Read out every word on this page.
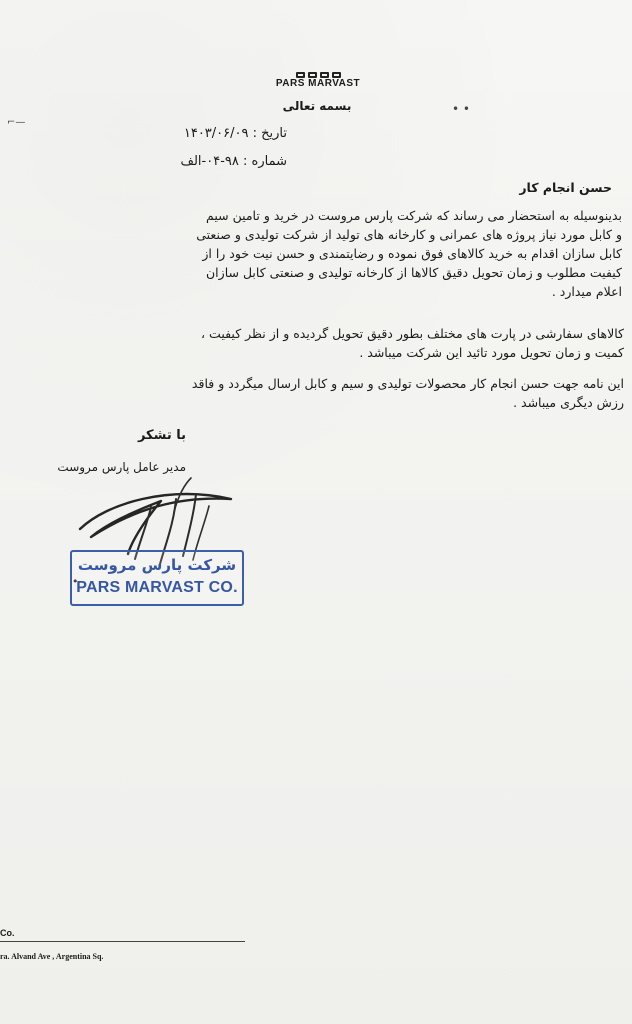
⌐—
• •
PARS MARVAST
بسمه تعالی
تاریخ : ۱۴۰۳/۰۶/۰۹
شماره : ۹۸-۰۴-الف
حسن انجام کار
بدینوسیله به استحضار می رساند که شرکت پارس مروست در خرید و تامین سیم
و کابل مورد نیاز پروژه های عمرانی و کارخانه های تولید از شرکت تولیدی و صنعتی
کابل سازان اقدام به خرید کالاهای فوق نموده و رضایتمندی و حسن نیت خود را از
کیفیت مطلوب و زمان تحویل دقیق کالاها از کارخانه تولیدی و صنعتی کابل سازان
اعلام میدارد .
کالاهای سفارشی در پارت های مختلف بطور دقیق تحویل گردیده و از نظر کیفیت ،
کمیت و زمان تحویل مورد تائید این شرکت میباشد .
این نامه جهت حسن انجام کار محصولات تولیدی و سیم و کابل ارسال میگردد و فاقد
رزش دیگری میباشد .
با تشکر
مدیر عامل پارس مروست
شرکت پارس مروست
PARS MARVAST CO.
•
Co.
ra. Alvand Ave , Argentina Sq.
